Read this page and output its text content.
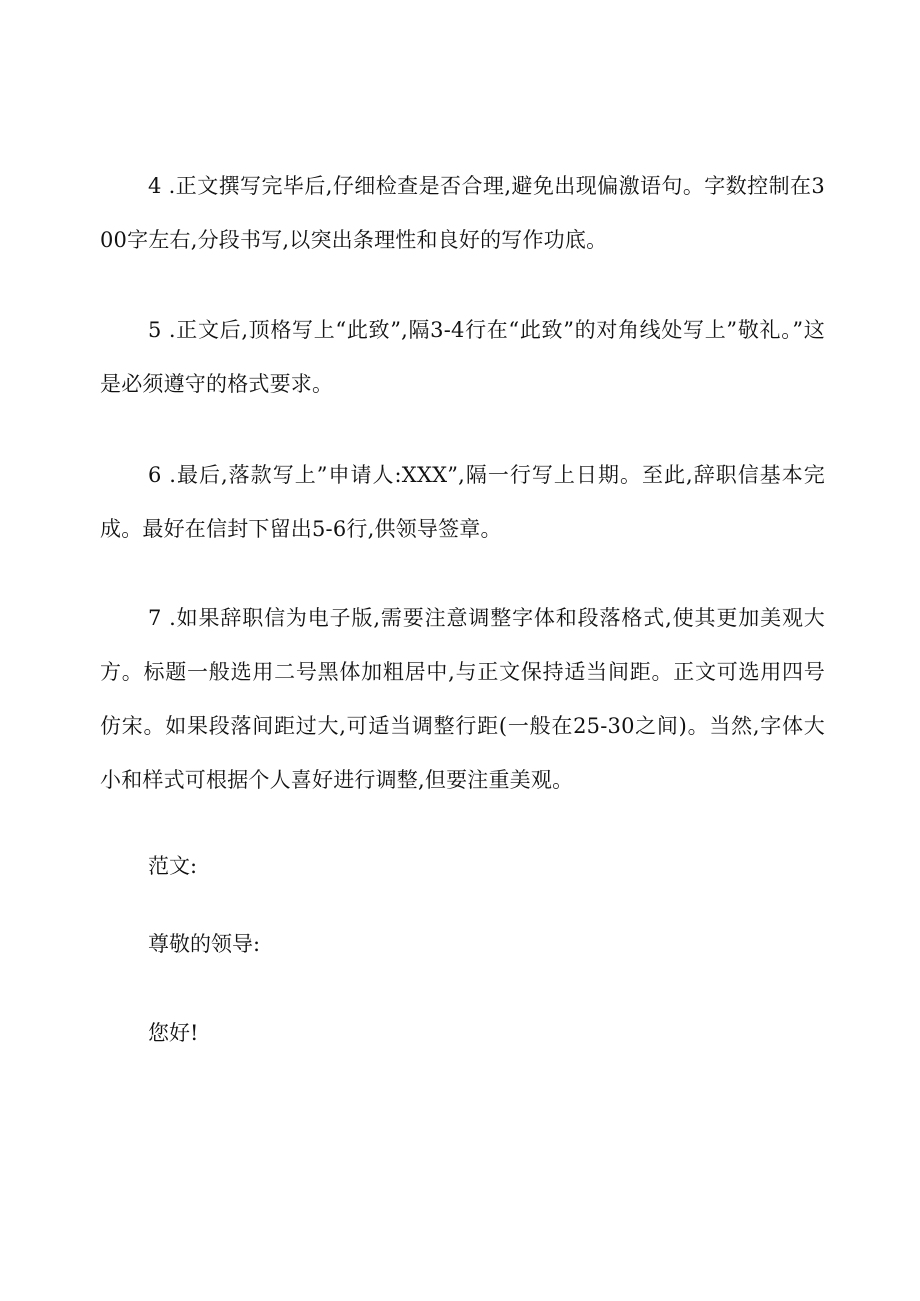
4 .正文撰写完毕后,仔细检查是否合理,避免出现偏激语句。字数控制在300字左右,分段书写,以突出条理性和良好的写作功底。

5 .正文后,顶格写上“此致”,隔3-4行在“此致”的对角线处写上”敬礼。”这是必须遵守的格式要求。

6 .最后,落款写上”申请人:XXX”,隔一行写上日期。至此,辞职信基本完成。最好在信封下留出5-6行,供领导签章。

7 .如果辞职信为电子版,需要注意调整字体和段落格式,使其更加美观大方。标题一般选用二号黑体加粗居中,与正文保持适当间距。正文可选用四号仿宋。如果段落间距过大,可适当调整行距(一般在25-30之间)。当然,字体大小和样式可根据个人喜好进行调整,但要注重美观。

范文:

尊敬的领导:

您好!
